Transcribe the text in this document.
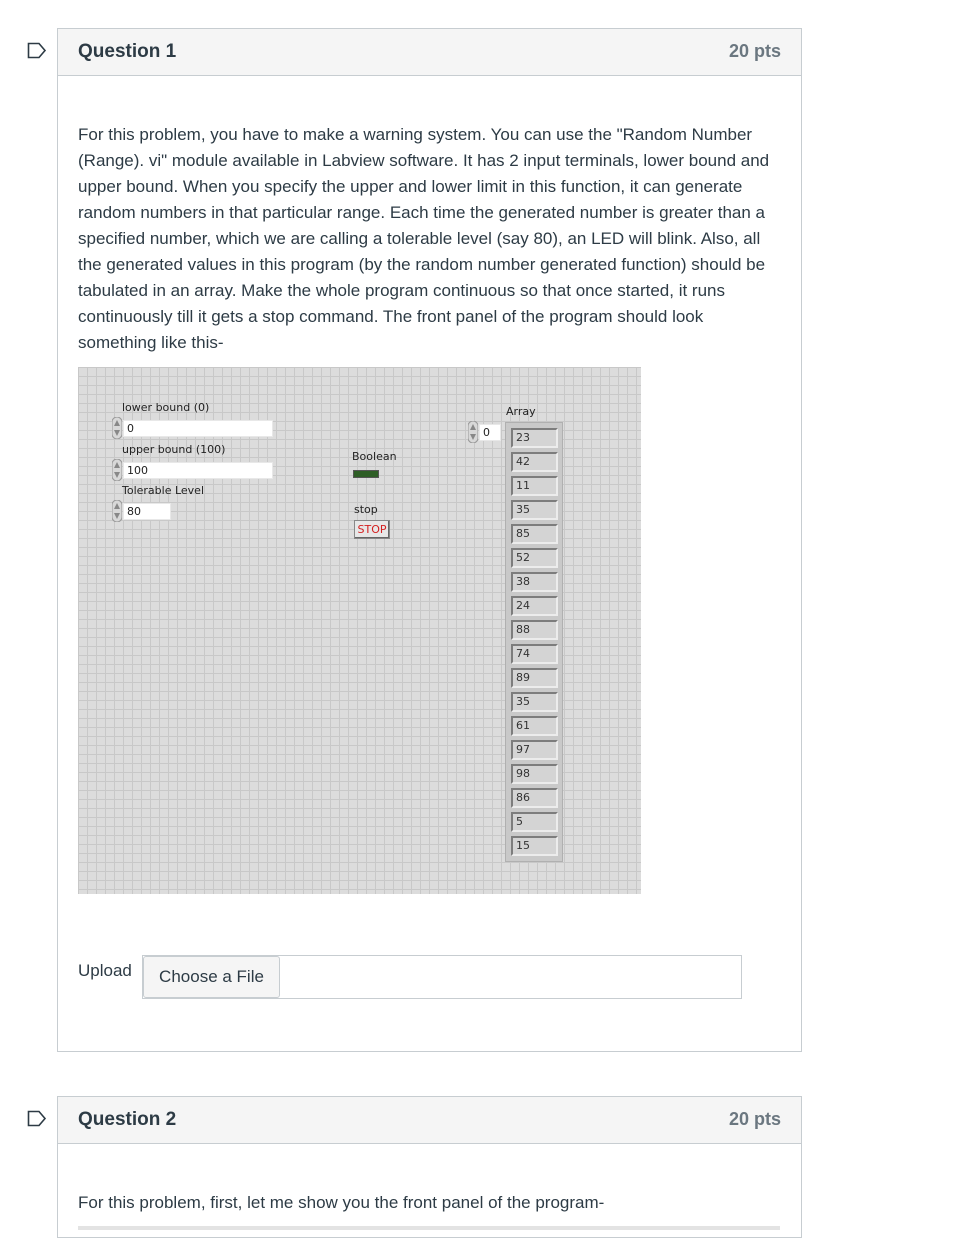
Question 1	20 pts
For this problem, you have to make a warning system. You can use the "Random Number (Range). vi" module available in Labview software. It has 2 input terminals, lower bound and upper bound. When you specify the upper and lower limit in this function, it can generate random numbers in that particular range. Each time the generated number is greater than a specified number, which we are calling a tolerable level (say 80), an LED will blink. Also, all the generated values in this program (by the random number generated function) should be tabulated in an array. Make the whole program continuous so that once started, it runs continuously till it gets a stop command. The front panel of the program should look something like this-
lower bound (0)
0
upper bound (100)
100
Tolerable Level
80
Boolean
stop
STOP
Array
0	23
42
11
35
85
52
38
24
88
74
89
35
61
97
98
86
5
15
Upload	Choose a File
Question 2	20 pts
For this problem, first, let me show you the front panel of the program-
